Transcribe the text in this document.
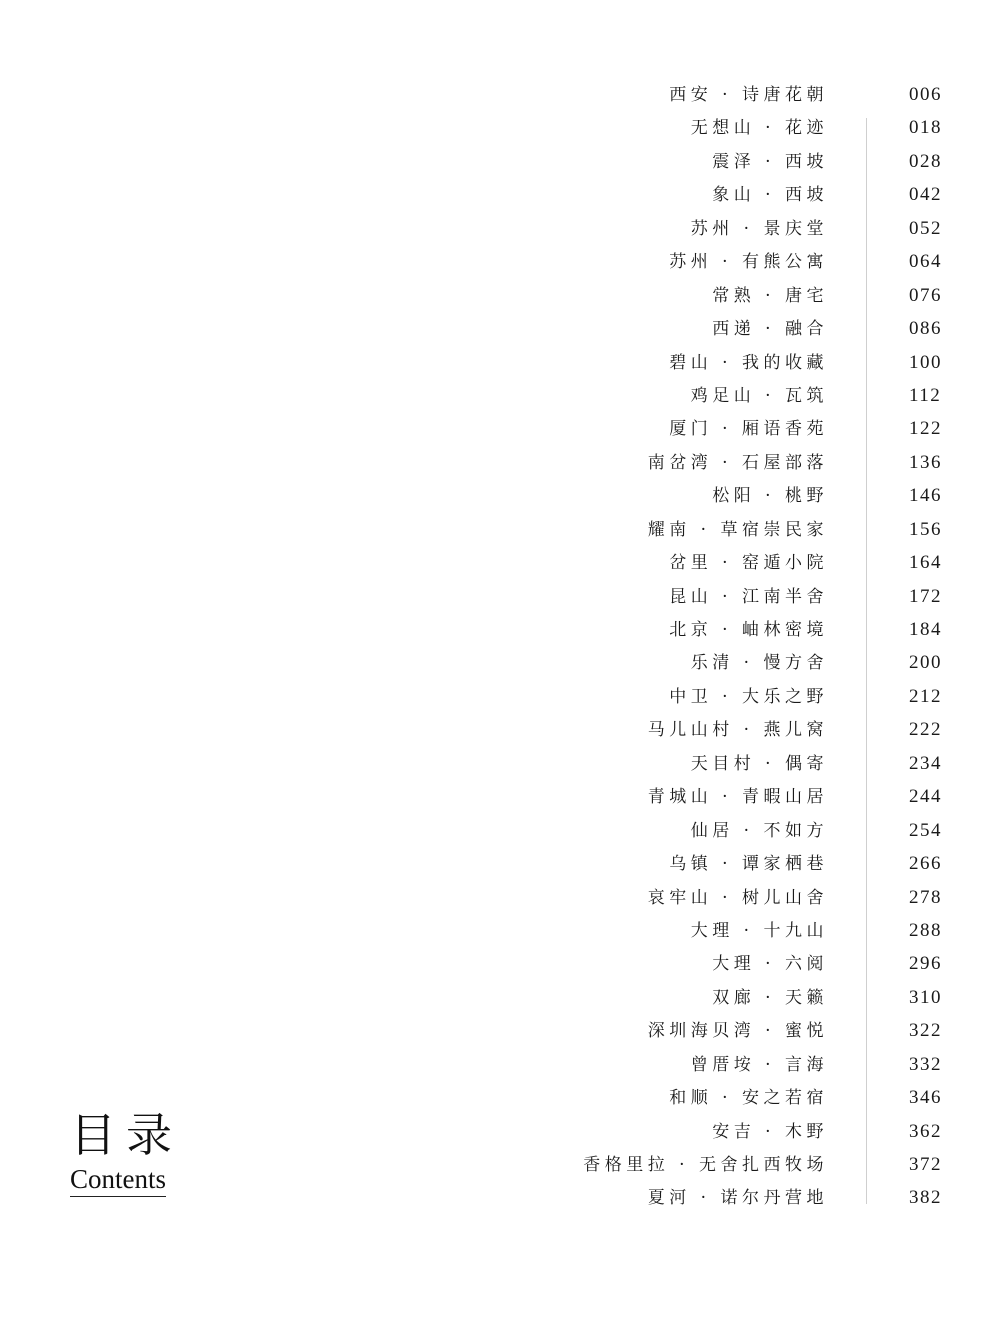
西安 · 诗唐花朝	006
无想山 · 花迹	018
震泽 · 西坡	028
象山 · 西坡	042
苏州 · 景庆堂	052
苏州 · 有熊公寓	064
常熟 · 唐宅	076
西递 · 融合	086
碧山 · 我的收藏	100
鸡足山 · 瓦筑	112
厦门 · 厢语香苑	122
南岔湾 · 石屋部落	136
松阳 · 桃野	146
耀南 · 草宿崇民家	156
岔里 · 窑遁小院	164
昆山 · 江南半舍	172
北京 · 岫林密境	184
乐清 · 慢方舍	200
中卫 · 大乐之野	212
马儿山村 · 燕儿窝	222
天目村 · 偶寄	234
青城山 · 青暇山居	244
仙居 · 不如方	254
乌镇 · 谭家栖巷	266
哀牢山 · 树儿山舍	278
大理 · 十九山	288
大理 · 六阅	296
双廊 · 天籁	310
深圳海贝湾 · 蜜悦	322
曾厝垵 · 言海	332
和顺 · 安之若宿	346
安吉 · 木野	362
香格里拉 · 无舍扎西牧场	372
夏河 · 诺尔丹营地	382
目录
Contents
